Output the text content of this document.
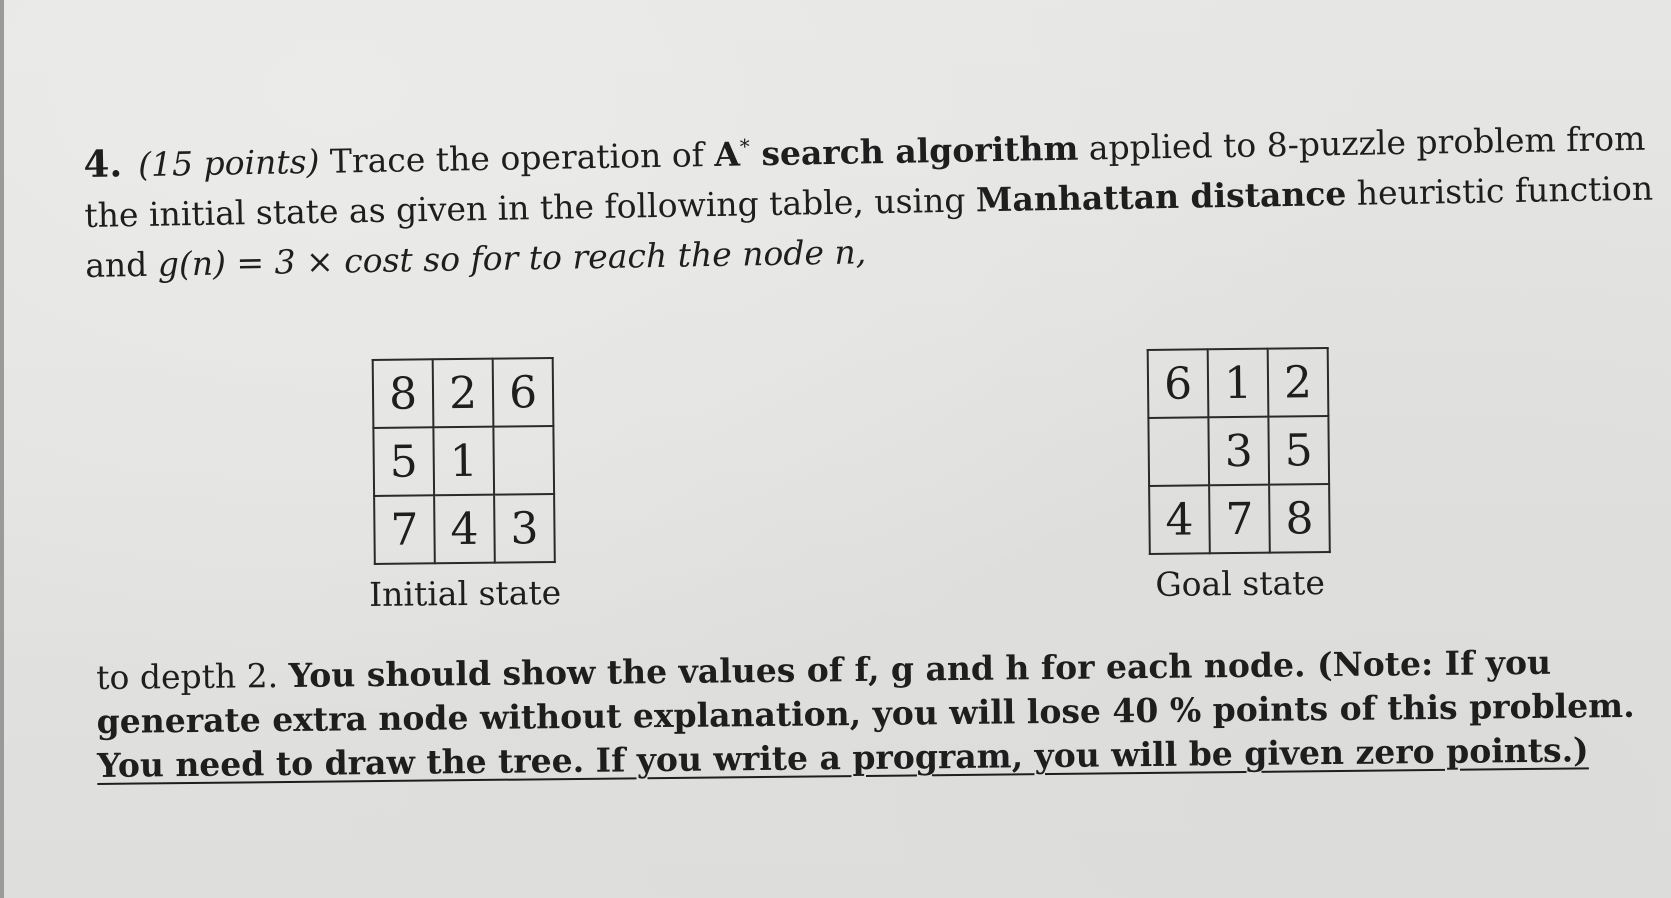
4. (15 points) Trace the operation of A* search algorithm applied to 8-puzzle problem from
the initial state as given in the following table, using Manhattan distance heuristic function
and g(n) = 3 × cost so for to reach the node n,
8	2	6
5	1	
7	4	3
Initial state
6	1	2
	3	5
4	7	8
Goal state
to depth 2. You should show the values of f, g and h for each node. (Note: If you
generate extra node without explanation, you will lose 40 % points of this problem.
You need to draw the tree. If you write a program, you will be given zero points.)
